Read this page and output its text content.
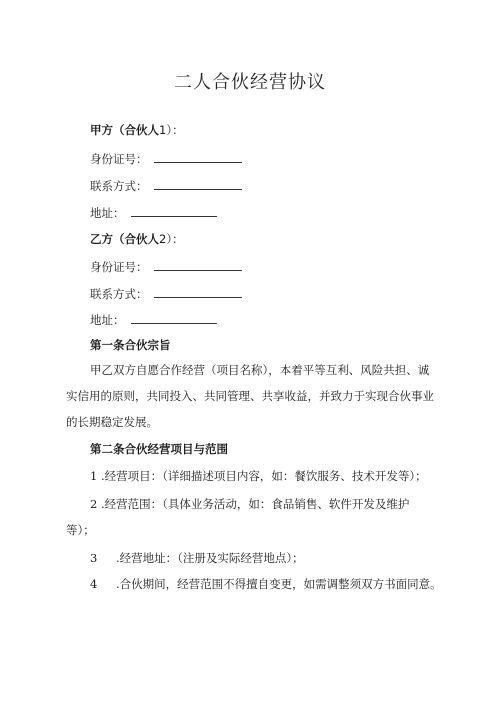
二人合伙经营协议
甲方（合伙人1）：
身份证号：
联系方式：
地址：
乙方（合伙人2）：
身份证号：
联系方式：
地址：
第一条合伙宗旨
甲乙双方自愿合作经营（项目名称），本着平等互利、风险共担、诚
实信用的原则，共同投入、共同管理、共享收益，并致力于实现合伙事业
的长期稳定发展。
第二条合伙经营项目与范围
1 .经营项目：（详细描述项目内容，如：餐饮服务、技术开发等）；
2 .经营范围：（具体业务活动，如：食品销售、软件开发及维护
等）；
3 .经营地址：（注册及实际经营地点）；
4 .合伙期间，经营范围不得擅自变更，如需调整须双方书面同意。
